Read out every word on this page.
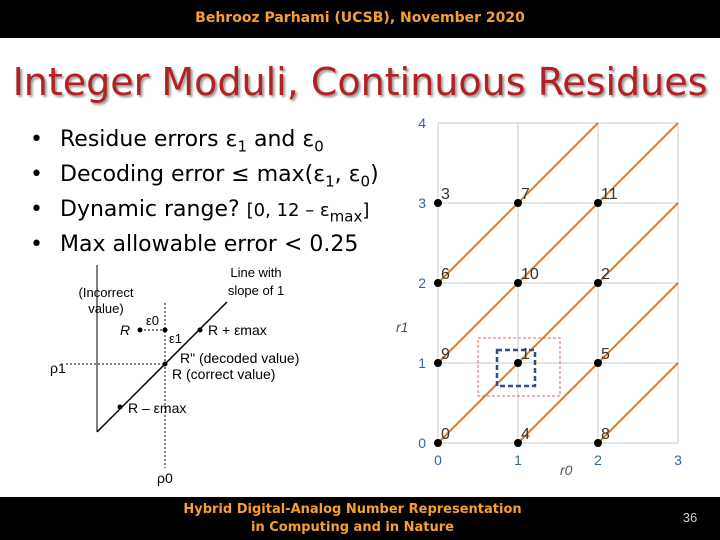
Behrooz Parhami (UCSB), November 2020
Integer Moduli, Continuous Residues
• Residue errors $\varepsilon_1$ and $\varepsilon_0$
• Decoding error ≤ $\max(\varepsilon_1$, $\varepsilon_0$)
• Dynamic range? [0, $12 - \varepsilon_{max}$]
• Max allowable error < 0.25
Line with
slope of 1
(Incorrect
value)
R
ε0
ε1
R + εmax
R" (decoded value)
R (correct value)
R – εmax
ρ1
ρ0
0	4	8
9	1	5
6	10	2
3	7	11
0	1	2	3
0
1
2
3
4
r0
r1
Hybrid Digital-Analog Number Representation
in Computing and in Nature
36
